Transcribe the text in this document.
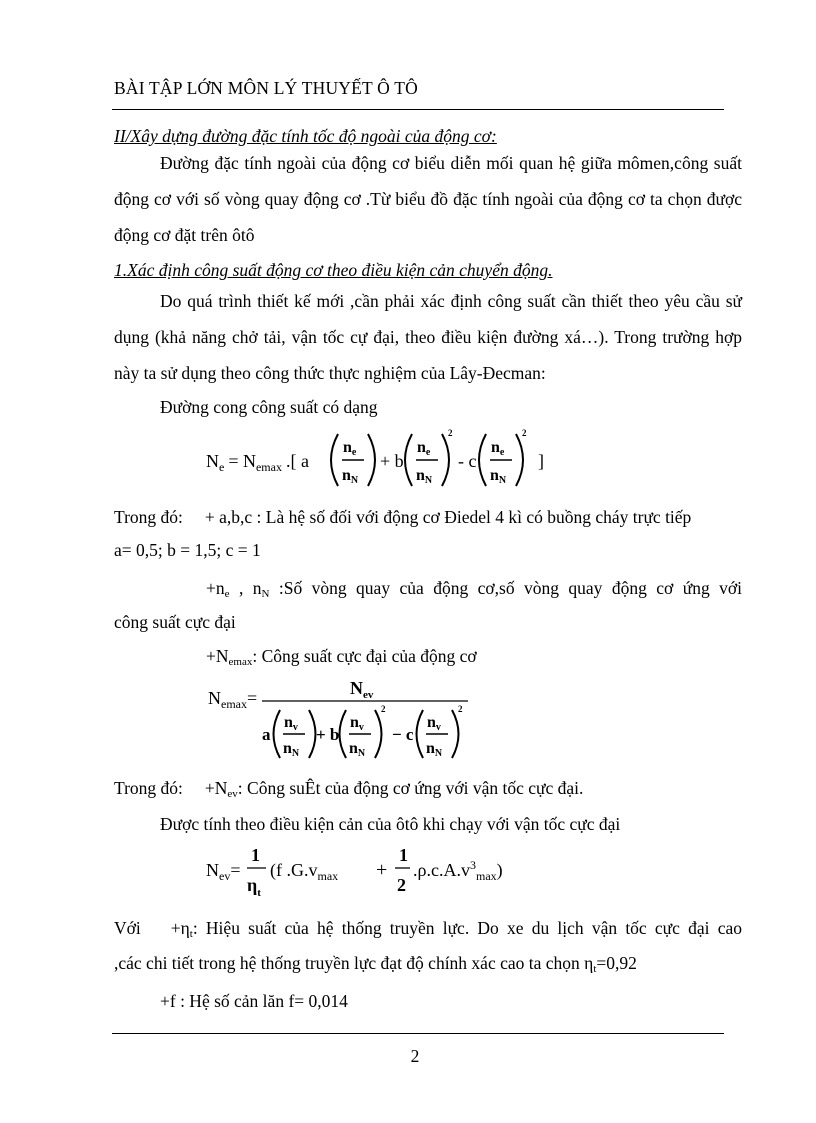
BÀI TẬP LỚN MÔN LÝ THUYẾT Ô TÔ
II/Xây dựng đường đặc tính tốc độ ngoài của động cơ:
Đường đặc tính ngoài của động cơ biểu diễn mối quan hệ giữa mômen,công suất động cơ với số vòng quay động cơ .Từ biểu đồ đặc tính ngoài của động cơ ta chọn được động cơ đặt trên ôtô
1.Xác định công suất động cơ theo điều kiện cản chuyển động.
Do quá trình thiết kế mới ,cần phải xác định công suất cần thiết theo yêu cầu sử dụng (khả năng chở tải, vận tốc cự đại, theo điều kiện đường xá…). Trong trường hợp này ta sử dụng theo công thức thực nghiệm của Lây-Đecman:
Đường cong công suất có dạng
$N_e = N_{emax}$ .[ a
ne
nN
+ b
ne
nN
2
- c
ne
nN
2
]
Trong đó: + a,b,c : Là hệ số đối với động cơ Điedel 4 kì có buồng cháy trực tiếp
a= 0,5; b = 1,5; c = 1
$+n_e$ , $n_N$ :Số vòng quay của động cơ,số vòng quay động cơ ứng với
công suất cực đại
$+N_{emax}$: Công suất cực đại của động cơ
$N_{emax}=$	$N_{ev}$
a
nv
nN
+ b
nv
nN
2
− c
nv
nN
2
Trong đó: $+N_{ev}$: Công suÊt của động cơ ứng với vận tốc cực đại.
Được tính theo điều kiện cản của ôtô khi chạy với vận tốc cực đại
$N_{ev}=$
1
$\eta_t$
(f $.G.v_{max}$ +
1
2
$.\rho.c.A.v^3_{max}$)
Với $+\eta_t$: Hiệu suất của hệ thống truyền lực. Do xe du lịch vận tốc cực đại cao
,các chi tiết trong hệ thống truyền lực đạt độ chính xác cao ta chọn $\eta_t=0,92$
+f : Hệ số cản lăn f= 0,014
2
